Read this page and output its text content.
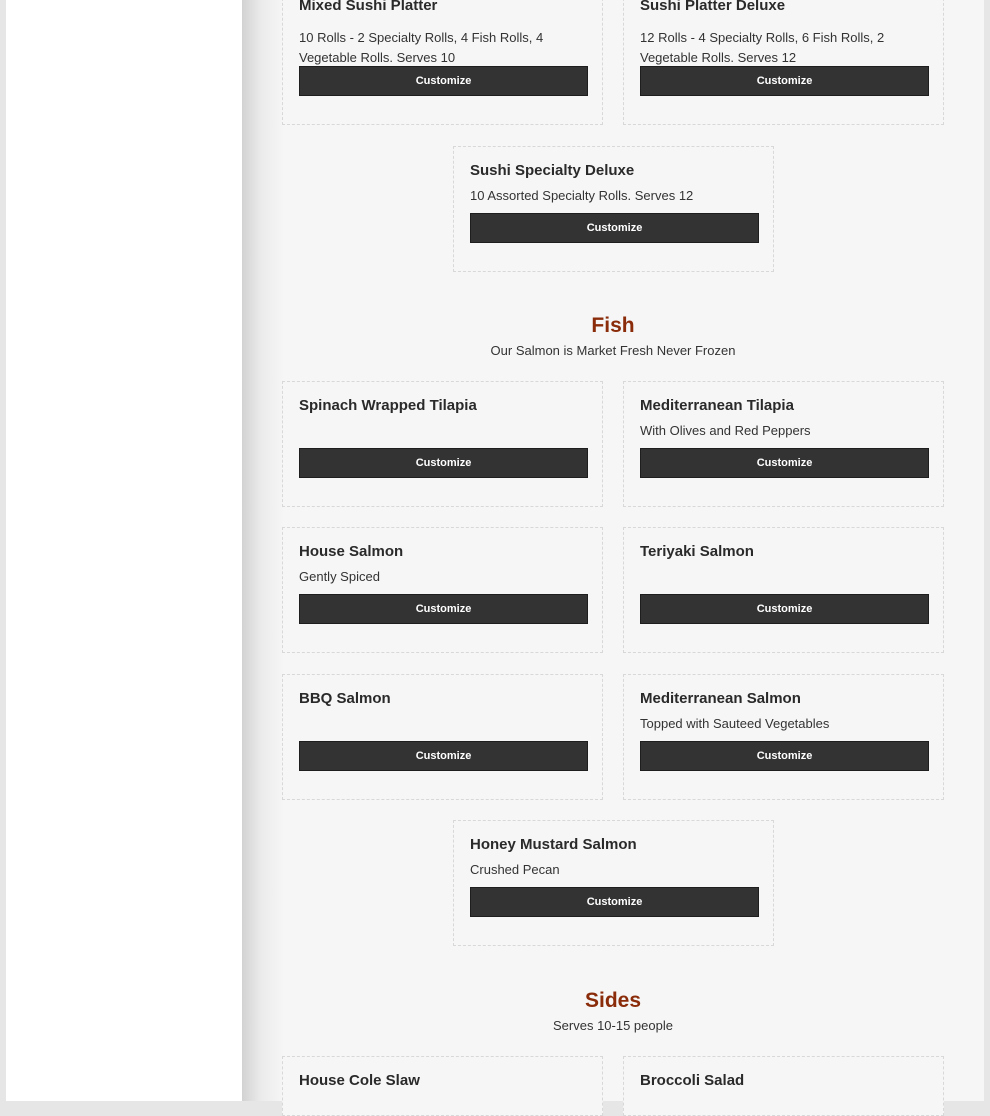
Mixed Sushi Platter

10 Rolls - 2 Specialty Rolls, 4 Fish Rolls, 4 Vegetable Rolls. Serves 10

Customize
Sushi Platter Deluxe

12 Rolls - 4 Specialty Rolls, 6 Fish Rolls, 2 Vegetable Rolls. Serves 12

Customize
Sushi Specialty Deluxe

10 Assorted Specialty Rolls. Serves 12

Customize
Fish

Our Salmon is Market Fresh Never Frozen

Spinach Wrapped Tilapia

Customize
Mediterranean Tilapia

With Olives and Red Peppers

Customize
House Salmon

Gently Spiced

Customize
Teriyaki Salmon

Customize
BBQ Salmon

Customize
Mediterranean Salmon

Topped with Sauteed Vegetables

Customize
Honey Mustard Salmon

Crushed Pecan

Customize
Sides

Serves 10-15 people

House Cole Slaw	Broccoli Salad
